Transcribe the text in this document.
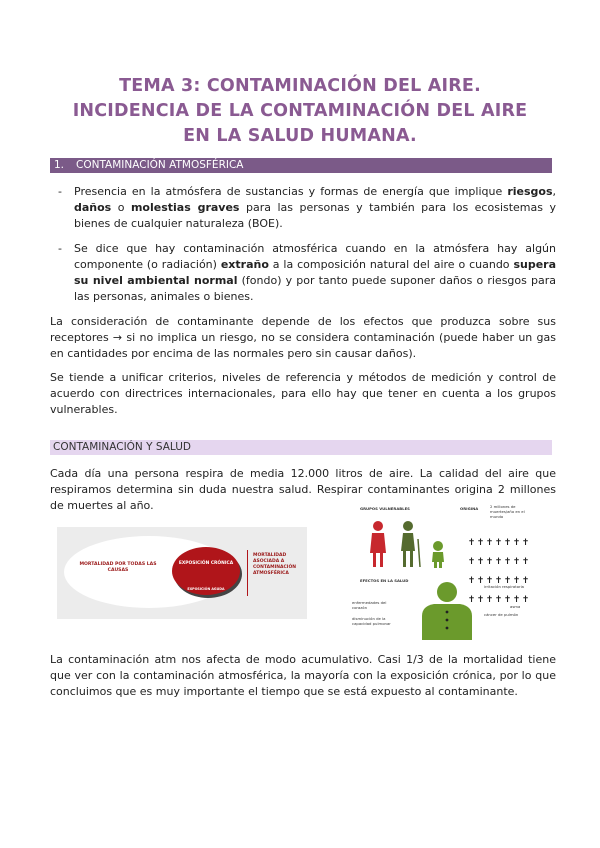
TEMA 3: CONTAMINACIÓN DEL AIRE.
INCIDENCIA DE LA CONTAMINACIÓN DEL AIRE
EN LA SALUD HUMANA.
1. CONTAMINACIÓN ATMOSFÉRICA
- Presencia en la atmósfera de sustancias y formas de energía que implique riesgos, daños o molestias graves para las personas y también para los ecosistemas y bienes de cualquier naturaleza (BOE).
- Se dice que hay contaminación atmosférica cuando en la atmósfera hay algún componente (o radiación) extraño a la composición natural del aire o cuando supera su nivel ambiental normal (fondo) y por tanto puede suponer daños o riesgos para las personas, animales o bienes.
La consideración de contaminante depende de los efectos que produzca sobre sus receptores → si no implica un riesgo, no se considera contaminación (puede haber un gas en cantidades por encima de las normales pero sin causar daños).
Se tiende a unificar criterios, niveles de referencia y métodos de medición y control de acuerdo con directrices internacionales, para ello hay que tener en cuenta a los grupos vulnerables.
CONTAMINACIÓN Y SALUD
Cada día una persona respira de media 12.000 litros de aire. La calidad del aire que respiramos determina sin duda nuestra salud. Respirar contaminantes origina 2 millones de muertes al año.
MORTALIDAD POR TODAS LAS CAUSAS
EXPOSICIÓN CRÓNICA
EXPOSICIÓN AGUDA
MORTALIDAD ASOCIADA A CONTAMINACIÓN ATMOSFÉRICA
GRUPOS VULNERABLES	ORIGINA	2 millones de muertes/año en el mundo
✝✝✝✝✝✝✝ ✝✝✝✝✝✝✝ ✝✝✝✝✝✝✝ ✝✝✝✝✝✝✝
EFECTOS EN LA SALUD
irritación respiratoria
enfermedades del corazón	asma
cáncer de pulmón
disminución de la capacidad pulmonar
La contaminación atm nos afecta de modo acumulativo. Casi 1/3 de la mortalidad tiene que ver con la contaminación atmosférica, la mayoría con la exposición crónica, por lo que concluimos que es muy importante el tiempo que se está expuesto al contaminante.
